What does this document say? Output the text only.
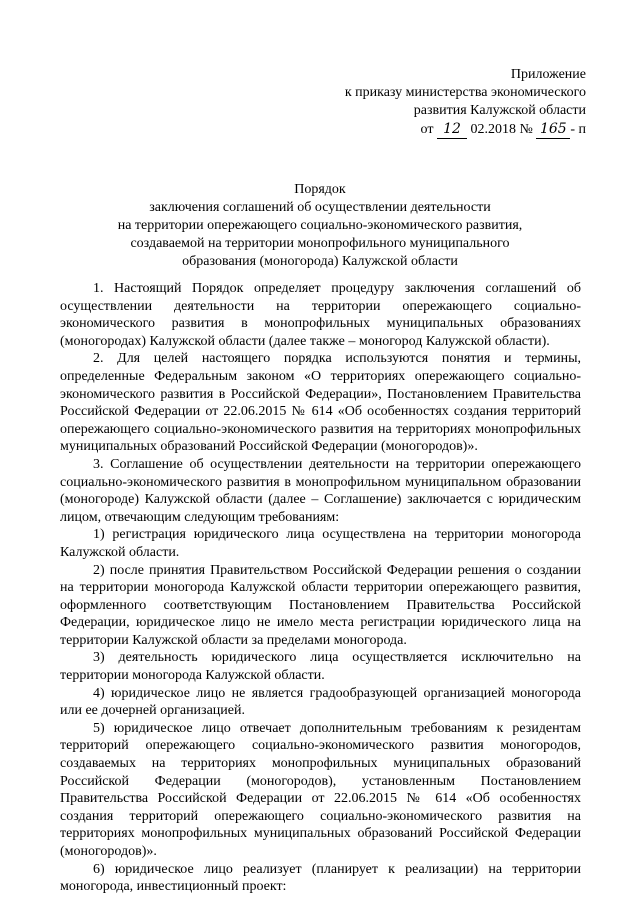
Приложение
к приказу министерства экономического
развития Калужской области
от 12 02.2018 № 165 - п
Порядок
заключения соглашений об осуществлении деятельности
на территории опережающего социально-экономического развития,
создаваемой на территории монопрофильного муниципального
образования (моногорода) Калужской области

1. Настоящий Порядок определяет процедуру заключения соглашений об осуществлении деятельности на территории опережающего социально-экономического развития в монопрофильных муниципальных образованиях (моногородах) Калужской области (далее также – моногород Калужской области).

2. Для целей настоящего порядка используются понятия и термины, определенные Федеральным законом «О территориях опережающего социально-экономического развития в Российской Федерации», Постановлением Правительства Российской Федерации от 22.06.2015 № 614 «Об особенностях создания территорий опережающего социально-экономического развития на территориях монопрофильных муниципальных образований Российской Федерации (моногородов)».

3. Соглашение об осуществлении деятельности на территории опережающего социально-экономического развития в монопрофильном муниципальном образовании (моногороде) Калужской области (далее – Соглашение) заключается с юридическим лицом, отвечающим следующим требованиям:

1) регистрация юридического лица осуществлена на территории моногорода Калужской области.

2) после принятия Правительством Российской Федерации решения о создании на территории моногорода Калужской области территории опережающего развития, оформленного соответствующим Постановлением Правительства Российской Федерации, юридическое лицо не имело места регистрации юридического лица на территории Калужской области за пределами моногорода.

3) деятельность юридического лица осуществляется исключительно на территории моногорода Калужской области.

4) юридическое лицо не является градообразующей организацией моногорода или ее дочерней организацией.

5) юридическое лицо отвечает дополнительным требованиям к резидентам территорий опережающего социально-экономического развития моногородов, создаваемых на территориях монопрофильных муниципальных образований Российской Федерации (моногородов), установленным Постановлением Правительства Российской Федерации от 22.06.2015 № 614 «Об особенностях создания территорий опережающего социально-экономического развития на территориях монопрофильных муниципальных образований Российской Федерации (моногородов)».

6) юридическое лицо реализует (планирует к реализации) на территории моногорода, инвестиционный проект:
